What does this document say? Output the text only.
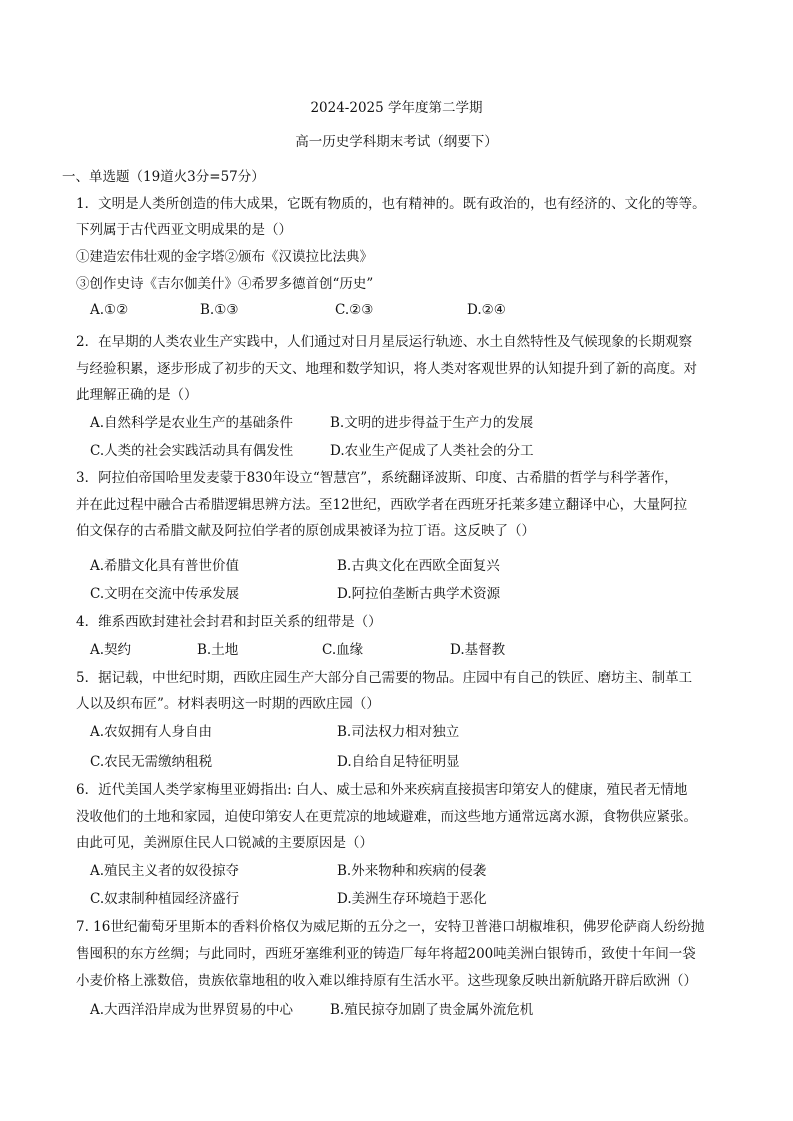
2024-2025 学年度第二学期
高一历史学科期末考试（纲要下）
一、单选题（19道火3分=57分）
1．文明是人类所创造的伟大成果，它既有物质的，也有精神的。既有政治的，也有经济的、文化的等等。
下列属于古代西亚文明成果的是（）
①建造宏伟壮观的金字塔②颁布《汉谟拉比法典》
③创作史诗《吉尔伽美什》④希罗多德首创“历史”
A.①②	B.①③	C.②③	D.②④
2．在早期的人类农业生产实践中，人们通过对日月星辰运行轨迹、水土自然特性及气候现象的长期观察
与经验积累，逐步形成了初步的天文、地理和数学知识，将人类对客观世界的认知提升到了新的高度。对
此理解正确的是（）
A.自然科学是农业生产的基础条件	B.文明的进步得益于生产力的发展
C.人类的社会实践活动具有偶发性	D.农业生产促成了人类社会的分工
3．阿拉伯帝国哈里发麦蒙于830年设立“智慧宫”，系统翻译波斯、印度、古希腊的哲学与科学著作，
并在此过程中融合古希腊逻辑思辨方法。至12世纪，西欧学者在西班牙托莱多建立翻译中心，大量阿拉
伯文保存的古希腊文献及阿拉伯学者的原创成果被译为拉丁语。这反映了（）
A.希腊文化具有普世价值	B.古典文化在西欧全面复兴
C.文明在交流中传承发展	D.阿拉伯垄断古典学术资源
4．维系西欧封建社会封君和封臣关系的纽带是（）
A.契约	B.土地	C.血缘	D.基督教
5．据记载，中世纪时期，西欧庄园生产大部分自己需要的物品。庄园中有自己的铁匠、磨坊主、制革工
人以及织布匠”。材料表明这一时期的西欧庄园（）
A.农奴拥有人身自由	B.司法权力相对独立
C.农民无需缴纳租税	D.自给自足特征明显
6．近代美国人类学家梅里亚姆指出: 白人、威士忌和外来疾病直接损害印第安人的健康，殖民者无情地
没收他们的土地和家园，迫使印第安人在更荒凉的地域避难，而这些地方通常远离水源，食物供应紧张。
由此可见，美洲原住民人口锐减的主要原因是（）
A.殖民主义者的奴役掠夺	B.外来物种和疾病的侵袭
C.奴隶制种植园经济盛行	D.美洲生存环境趋于恶化
7. 16世纪葡萄牙里斯本的香料价格仅为威尼斯的五分之一，安特卫普港口胡椒堆积，佛罗伦萨商人纷纷抛
售囤积的东方丝绸；与此同时，西班牙塞维利亚的铸造厂每年将超200吨美洲白银铸币，致使十年间一袋
小麦价格上涨数倍，贵族依靠地租的收入难以维持原有生活水平。这些现象反映出新航路开辟后欧洲（）
A.大西洋沿岸成为世界贸易的中心	B.殖民掠夺加剧了贵金属外流危机
